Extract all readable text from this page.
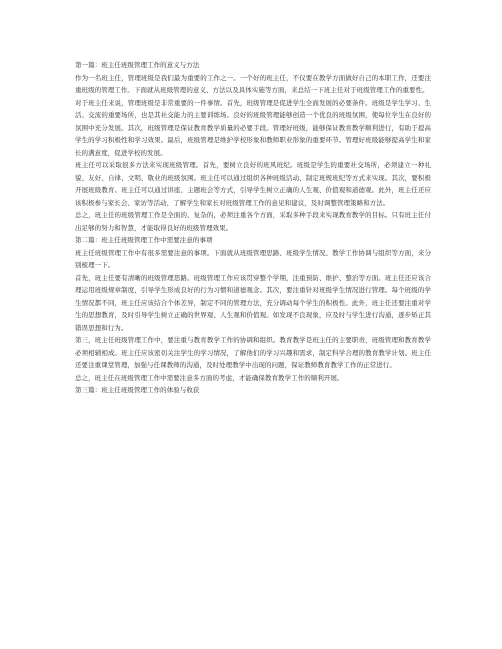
第一篇：班主任班级管理工作的意义与方法

作为一名班主任，管理班级是我们最为重要的工作之一。一个好的班主任，不仅要在教学方面做好自己的本职工作，还要注重班级的管理工作。下面就从班级管理的意义、方法以及具体实施等方面，来总结一下班主任对于班级管理工作的重要性。

对于班主任来说，管理班级是非常重要的一件事情。首先，班级管理是促进学生全面发展的必要条件。班级是学生学习、生活、交流的重要场所，也是其社交能力的主要训练场。良好的班级管理能够创造一个优良的班级氛围，使每位学生在良好的氛围中充分发展。其次，班级管理是保证教育教学质量的必要手段。管理好班级，能够保证教育教学顺利进行，有助于提高学生的学习积极性和学习效果。最后，班级管理是维护学校形象和教师职业形象的重要环节。管理好班级能够提高学生和家长的满意度，促进学校的发展。

班主任可以采取很多方法来实现班级管理。首先，要树立良好的班风班纪。班级是学生的重要社交场所，必须建立一种礼貌、友好、自律、文明、敬业的班级氛围。班主任可以通过组织各种班级活动、制定班规班纪等方式来实现。其次，要积极开展班级教育。班主任可以通过讲座、主题班会等方式，引导学生树立正确的人生观、价值观和道德观。此外，班主任还应该积极参与家长会、家访等活动，了解学生和家长对班级管理工作的意见和建议，及时调整管理策略和方法。

总之，班主任的班级管理工作是全面的、复杂的，必须注重各个方面，采取多种手段来实现教育教学的目标。只有班主任付出足够的努力和智慧，才能取得良好的班级管理效果。

第二篇：班主任班级管理工作中需要注意的事项

班主任班级管理工作中有很多需要注意的事项。下面就从班级管理思路、班级学生情况、教学工作协调与组织等方面，来分别梳理一下。

首先，班主任要有清晰的班级管理思路。班级管理工作应该贯穿整个学期，注重预防、维护、整治等方面。班主任还应该合理运用班级规章制度，引导学生形成良好的行为习惯和道德观念。其次，要注重针对班级学生情况进行管理。每个班级的学生情况都不同，班主任应该结合个体差异，制定不同的管理方法，充分调动每个学生的积极性。此外，班主任还要注重对学生的思想教育，及时引导学生树立正确的世界观、人生观和价值观。如发现不良现象，应及时与学生进行沟通，逐步矫正其错误思想和行为。

第三，班主任班级管理工作中，要注重与教育教学工作的协调和组织。教育教学是班主任的主要职责，班级管理和教育教学必须相辅相成。班主任应该密切关注学生的学习情况，了解他们的学习兴趣和需求，制定科学合理的教育教学计划。班主任还要注重课堂管理，加强与任课教师的沟通，及时处理教学中出现的问题，保证教师教育教学工作的正常进行。

总之，班主任在班级管理工作中需要注意多方面的考虑，才能确保教育教学工作的顺利开展。

第三篇：班主任班级管理工作的体验与收获
